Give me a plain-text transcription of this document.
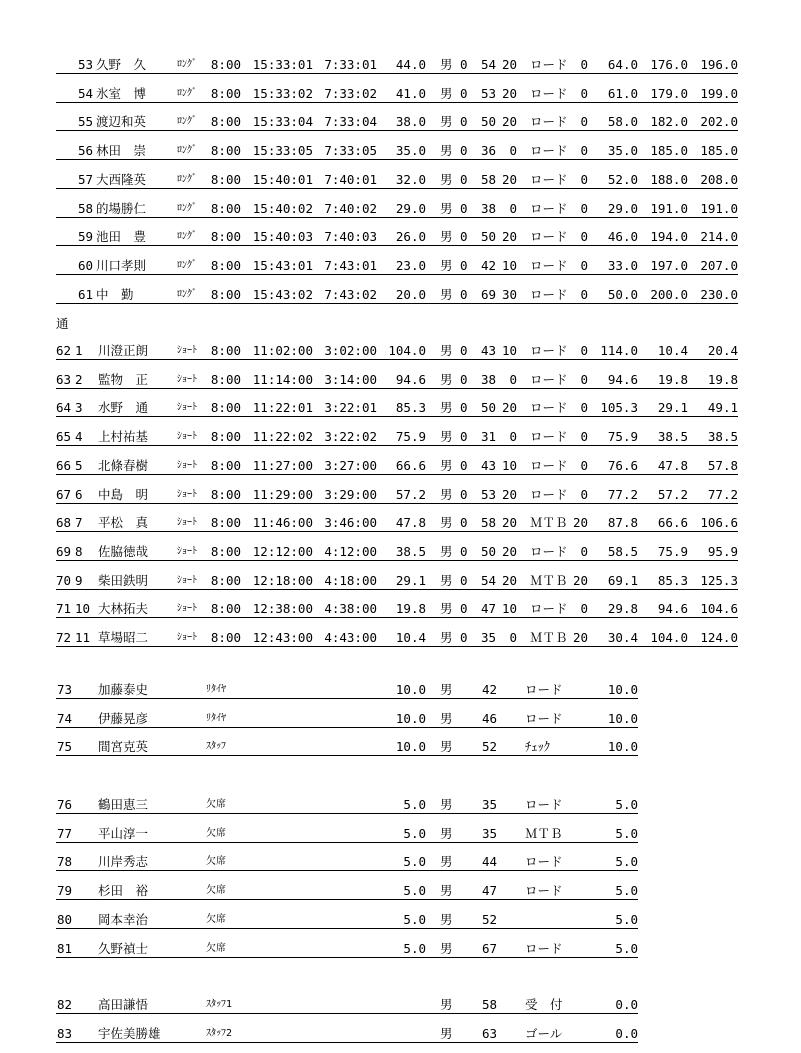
53 久野　久	ﾛﾝｸﾞ 8:00 15:33:01 7:33:01 44.0 男 0 54 20 ロード 0 64.0 176.0 196.0
54 氷室　博	ﾛﾝｸﾞ 8:00 15:33:02 7:33:02 41.0 男 0 53 20 ロード 0 61.0 179.0 199.0
55 渡辺和英	ﾛﾝｸﾞ 8:00 15:33:04 7:33:04 38.0 男 0 50 20 ロード 0 58.0 182.0 202.0
56 林田　崇	ﾛﾝｸﾞ 8:00 15:33:05 7:33:05 35.0 男 0 36 0 ロード 0 35.0 185.0 185.0
57 大西隆英	ﾛﾝｸﾞ 8:00 15:40:01 7:40:01 32.0 男 0 58 20 ロード 0 52.0 188.0 208.0
58 的場勝仁	ﾛﾝｸﾞ 8:00 15:40:02 7:40:02 29.0 男 0 38 0 ロード 0 29.0 191.0 191.0
59 池田　豊	ﾛﾝｸﾞ 8:00 15:40:03 7:40:03 26.0 男 0 50 20 ロード 0 46.0 194.0 214.0
60 川口孝則	ﾛﾝｸﾞ 8:00 15:43:01 7:43:01 23.0 男 0 42 10 ロード 0 33.0 197.0 207.0
61 中　勤	ﾛﾝｸﾞ 8:00 15:43:02 7:43:02 20.0 男 0 69 30 ロード 0 50.0 200.0 230.0
通
62 1 川澄正朗	ｼｮｰﾄ 8:00 11:02:00 3:02:00 104.0 男 0 43 10 ロード 0 114.0 10.4 20.4
63 2 監物　正	ｼｮｰﾄ 8:00 11:14:00 3:14:00 94.6 男 0 38 0 ロード 0 94.6 19.8 19.8
64 3 水野　通	ｼｮｰﾄ 8:00 11:22:01 3:22:01 85.3 男 0 50 20 ロード 0 105.3 29.1 49.1
65 4 上村祐基	ｼｮｰﾄ 8:00 11:22:02 3:22:02 75.9 男 0 31 0 ロード 0 75.9 38.5 38.5
66 5 北條春樹	ｼｮｰﾄ 8:00 11:27:00 3:27:00 66.6 男 0 43 10 ロード 0 76.6 47.8 57.8
67 6 中島　明	ｼｮｰﾄ 8:00 11:29:00 3:29:00 57.2 男 0 53 20 ロード 0 77.2 57.2 77.2
68 7 平松　真	ｼｮｰﾄ 8:00 11:46:00 3:46:00 47.8 男 0 58 20 ＭＴＢ 20 87.8 66.6 106.6
69 8 佐脇徳哉	ｼｮｰﾄ 8:00 12:12:00 4:12:00 38.5 男 0 50 20 ロード 0 58.5 75.9 95.9
70 9 柴田鉄明	ｼｮｰﾄ 8:00 12:18:00 4:18:00 29.1 男 0 54 20 ＭＴＢ 20 69.1 85.3 125.3
71 10 大林拓夫	ｼｮｰﾄ 8:00 12:38:00 4:38:00 19.8 男 0 47 10 ロード 0 29.8 94.6 104.6
72 11 草場昭二	ｼｮｰﾄ 8:00 12:43:00 4:43:00 10.4 男 0 35 0 ＭＴＢ 20 30.4 104.0 124.0
73 加藤泰史	ﾘﾀｲﾔ	10.0 男 42 ロード	10.0
74 伊藤晃彦	ﾘﾀｲﾔ	10.0 男 46 ロード	10.0
75 間宮克英	ｽﾀｯﾌ	10.0 男 52 ﾁｪｯｸ	10.0
76 鶴田恵三	欠席	5.0 男 35 ロード	5.0
77 平山淳一	欠席	5.0 男 35 ＭＴＢ	5.0
78 川岸秀志	欠席	5.0 男 44 ロード	5.0
79 杉田　裕	欠席	5.0 男 47 ロード	5.0
80 岡本幸治	欠席	5.0 男 52	5.0
81 久野禎士	欠席	5.0 男 67 ロード	5.0
82 高田謙悟	ｽﾀｯﾌ1	男 58 受　付	0.0
83 宇佐美勝雄	ｽﾀｯﾌ2	男 63 ゴール	0.0
